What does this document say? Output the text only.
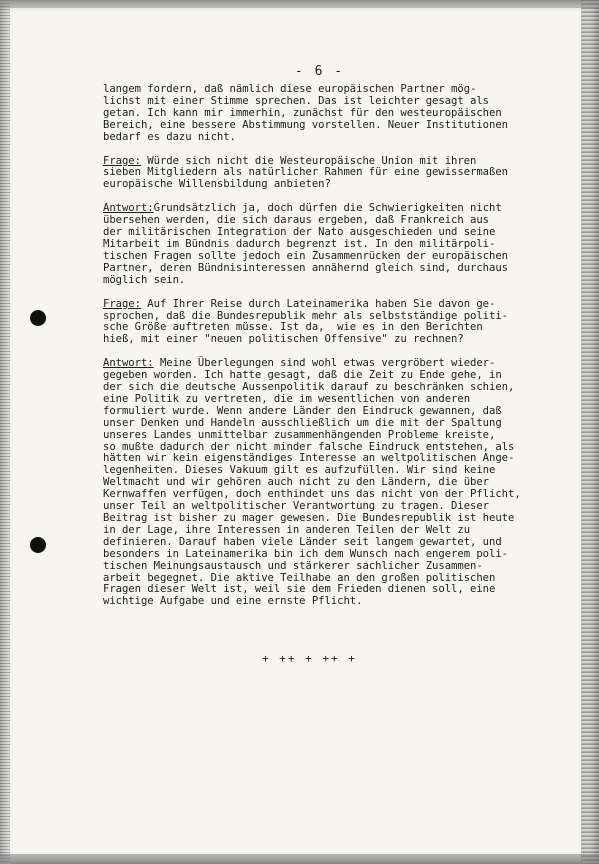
- 6 -
langem fordern, daß nämlich diese europäischen Partner mög-
lichst mit einer Stimme sprechen. Das ist leichter gesagt als
getan. Ich kann mir immerhin, zunächst für den westeuropäischen
Bereich, eine bessere Abstimmung vorstellen. Neuer Institutionen
bedarf es dazu nicht.
Frage: Würde sich nicht die Westeuropäische Union mit ihren
sieben Mitgliedern als natürlicher Rahmen für eine gewissermaßen
europäische Willensbildung anbieten?
Antwort:Grundsätzlich ja, doch dürfen die Schwierigkeiten nicht
übersehen werden, die sich daraus ergeben, daß Frankreich aus
der militärischen Integration der Nato ausgeschieden und seine
Mitarbeit im Bündnis dadurch begrenzt ist. In den militärpoli-
tischen Fragen sollte jedoch ein Zusammenrücken der europäischen
Partner, deren Bündnisinteressen annähernd gleich sind, durchaus
möglich sein.
Frage: Auf Ihrer Reise durch Lateinamerika haben Sie davon ge-
sprochen, daß die Bundesrepublik mehr als selbstständige politi-
sche Größe auftreten müsse. Ist da,  wie es in den Berichten
hieß, mit einer "neuen politischen Offensive" zu rechnen?
Antwort: Meine Überlegungen sind wohl etwas vergröbert wieder-
gegeben worden. Ich hatte gesagt, daß die Zeit zu Ende gehe, in
der sich die deutsche Aussenpolitik darauf zu beschränken schien,
eine Politik zu vertreten, die im wesentlichen von anderen
formuliert wurde. Wenn andere Länder den Eindruck gewannen, daß
unser Denken und Handeln ausschließlich um die mit der Spaltung
unseres Landes unmittelbar zusammenhängenden Probleme kreiste,
so mußte dadurch der nicht minder falsche Eindruck entstehen, als
hätten wir kein eigenständiges Interesse an weltpolitischen Ange-
legenheiten. Dieses Vakuum gilt es aufzufüllen. Wir sind keine
Weltmacht und wir gehören auch nicht zu den Ländern, die über
Kernwaffen verfügen, doch enthindet uns das nicht von der Pflicht,
unser Teil an weltpolitischer Verantwortung zu tragen. Dieser
Beitrag ist bisher zu mager gewesen. Die Bundesrepublik ist heute
in der Lage, ihre Interessen in anderen Teilen der Welt zu
definieren. Darauf haben viele Länder seit langem gewartet, und
besonders in Lateinamerika bin ich dem Wunsch nach engerem poli-
tischen Meinungsaustausch und stärkerer sachlicher Zusammen-
arbeit begegnet. Die aktive Teilhabe an den großen politischen
Fragen dieser Welt ist, weil sie dem Frieden dienen soll, eine
wichtige Aufgabe und eine ernste Pflicht.
+ ++ + ++ +
